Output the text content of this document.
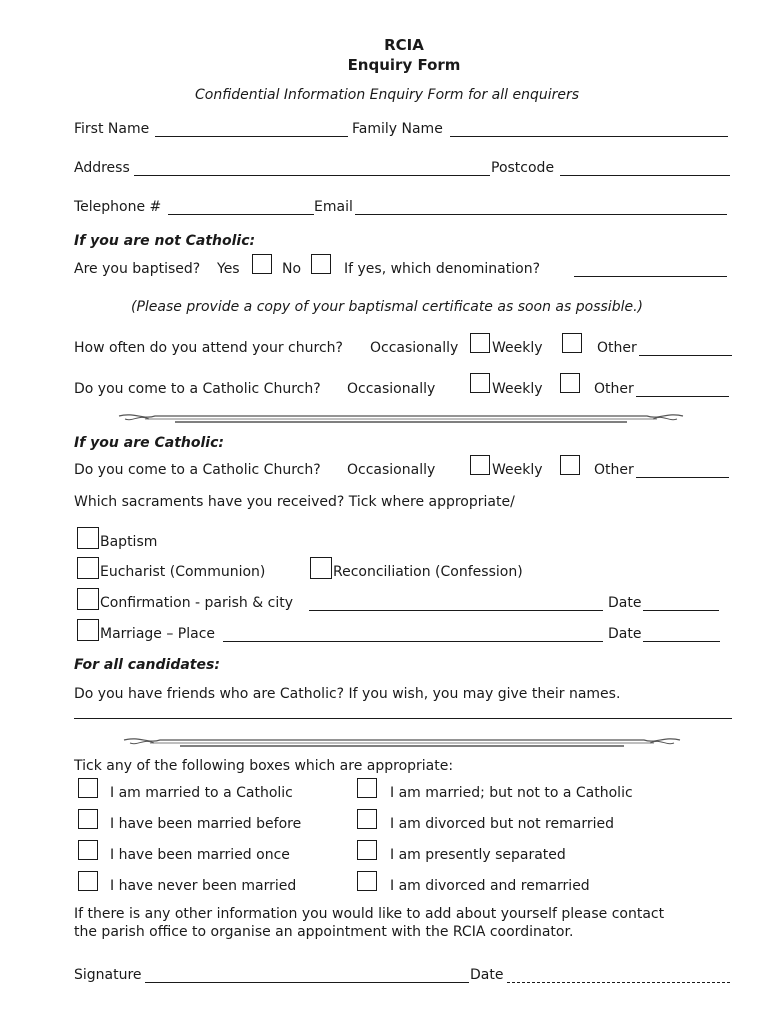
RCIA
Enquiry Form
Confidential Information Enquiry Form for all enquirers
First Name	Family Name
Address	Postcode
Telephone #	Email
If you are not Catholic:
Are you baptised? Yes	No	If yes, which denomination?
(Please provide a copy of your baptismal certificate as soon as possible.)
How often do you attend your church? Occasionally Weekly	Other
Do you come to a Catholic Church? Occasionally	Weekly	Other
If you are Catholic:
Do you come to a Catholic Church? Occasionally	Weekly	Other
Which sacraments have you received? Tick where appropriate/
Baptism
Eucharist (Communion)	Reconciliation (Confession)
Confirmation - parish & city	Date
Marriage – Place	Date
For all candidates:
Do you have friends who are Catholic? If you wish, you may give their names.
Tick any of the following boxes which are appropriate:
I am married to a Catholic	I am married; but not to a Catholic
I have been married before	I am divorced but not remarried
I have been married once	I am presently separated
I have never been married	I am divorced and remarried
If there is any other information you would like to add about yourself please contact
the parish office to organise an appointment with the RCIA coordinator.
Signature	Date
